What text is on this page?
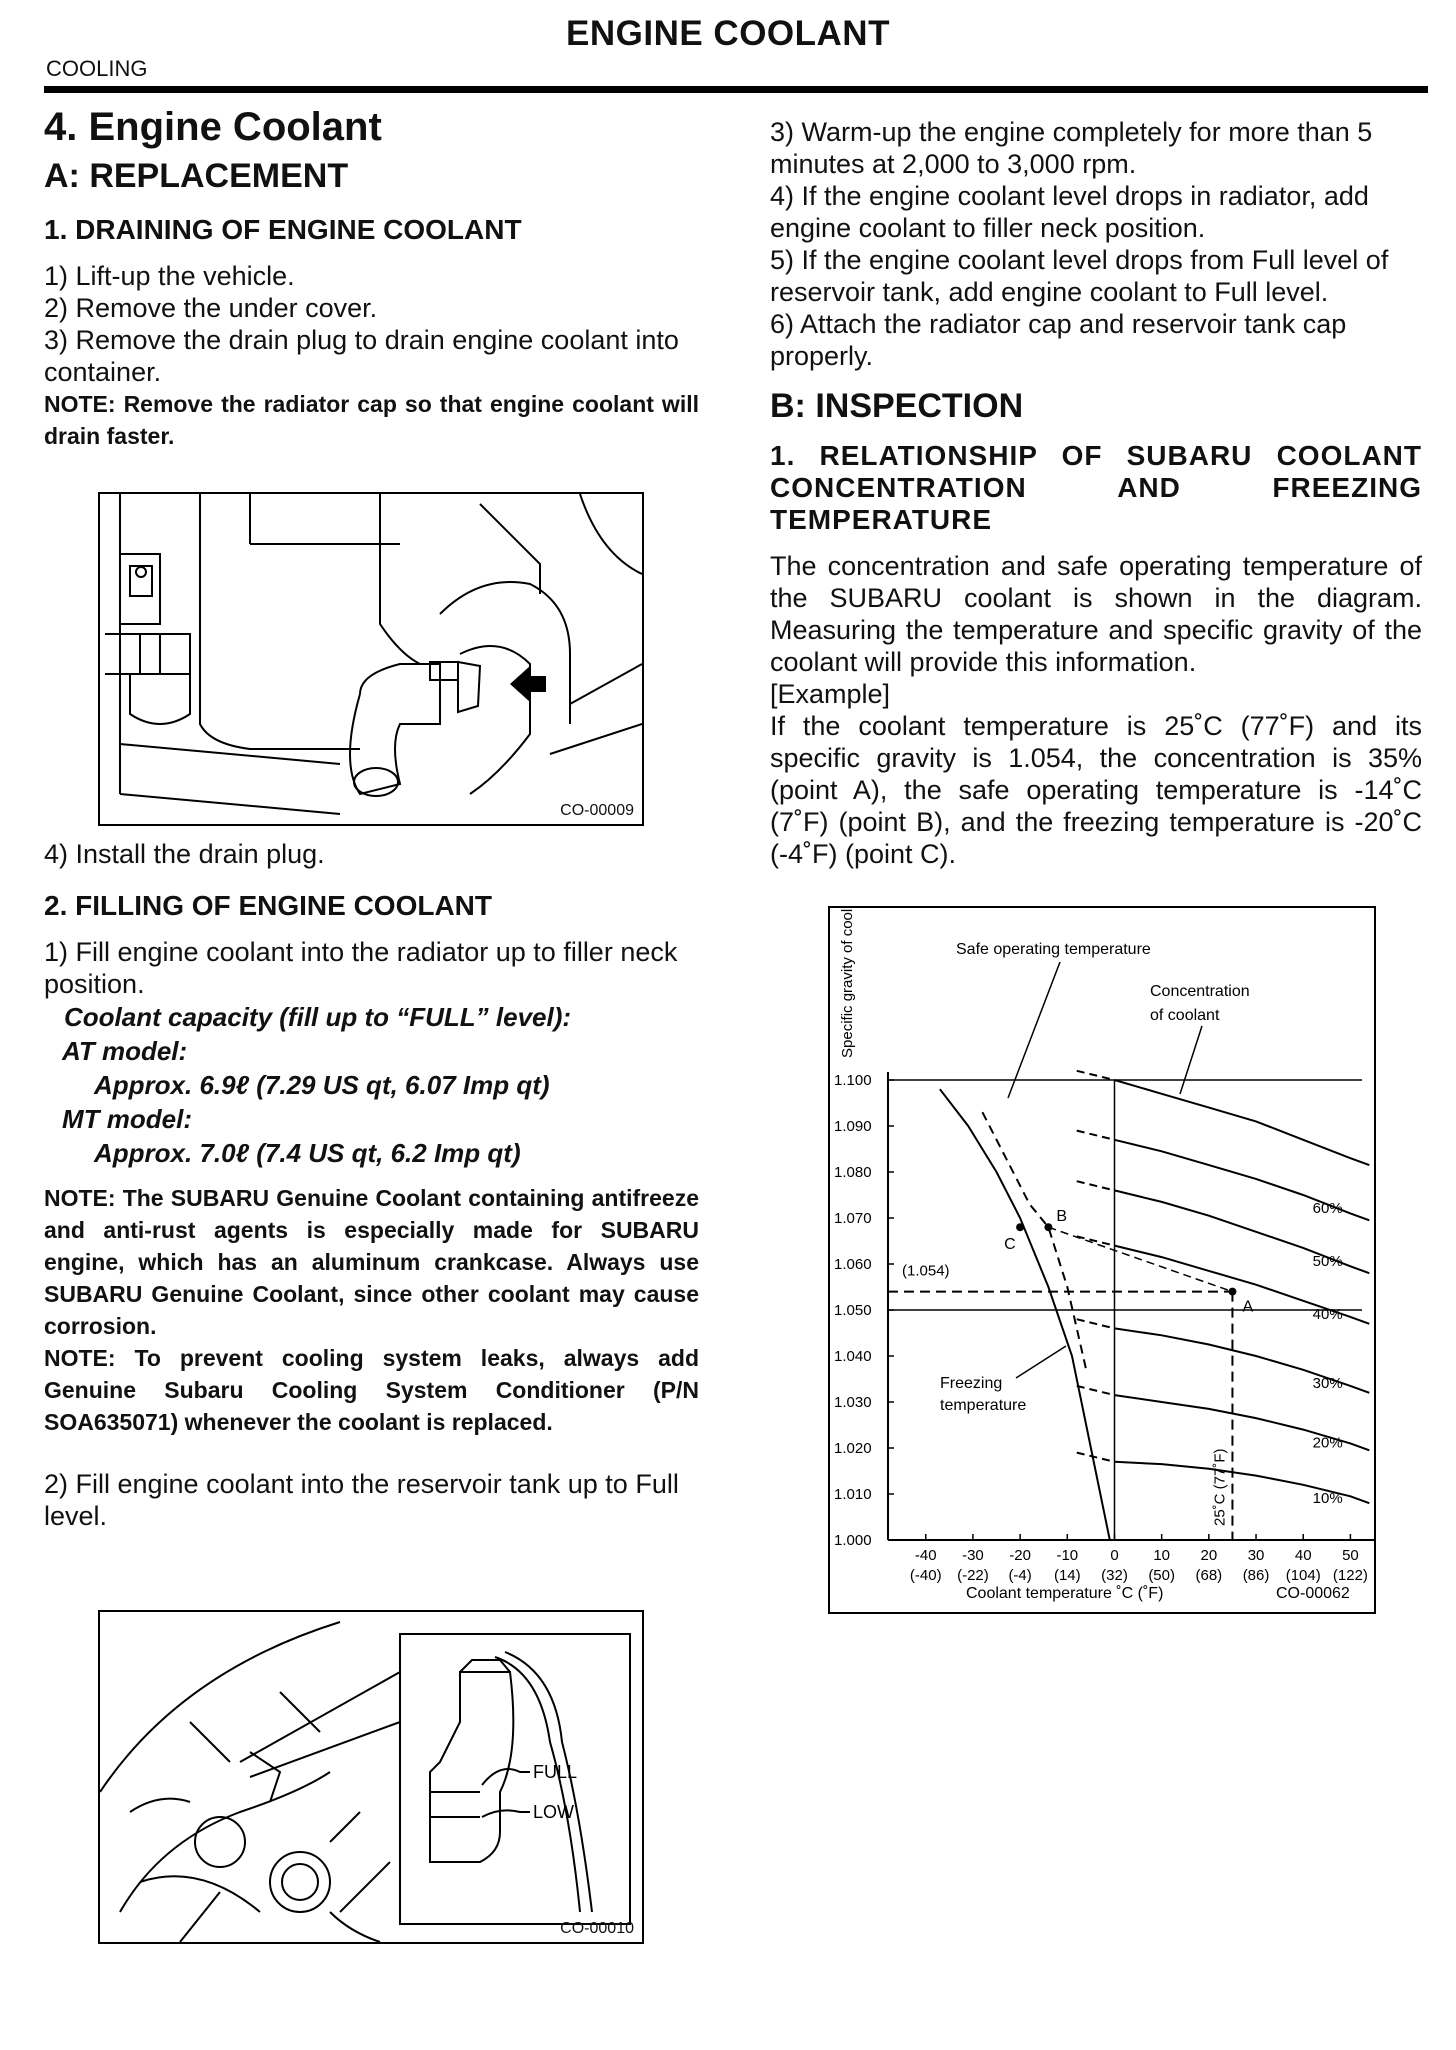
ENGINE COOLANT
COOLING

4. Engine Coolant

A: REPLACEMENT

1. DRAINING OF ENGINE COOLANT

1) Lift-up the vehicle.

2) Remove the under cover.

3) Remove the drain plug to drain engine coolant into container.

NOTE: Remove the radiator cap so that engine coolant will drain faster.

CO-00009

4) Install the drain plug.

2. FILLING OF ENGINE COOLANT

1) Fill engine coolant into the radiator up to filler neck position.

Coolant capacity (fill up to “FULL” level):

AT model:

Approx. 6.9ℓ (7.29 US qt, 6.07 Imp qt)

MT model:

Approx. 7.0ℓ (7.4 US qt, 6.2 Imp qt)

NOTE: The SUBARU Genuine Coolant containing antifreeze and anti-rust agents is especially made for SUBARU engine, which has an aluminum crankcase. Always use SUBARU Genuine Coolant, since other coolant may cause corrosion.

NOTE: To prevent cooling system leaks, always add Genuine Subaru Cooling System Conditioner (P/N SOA635071) whenever the coolant is replaced.

2) Fill engine coolant into the reservoir tank up to Full level.

FULL
LOW
CO-00010

3) Warm-up the engine completely for more than 5 minutes at 2,000 to 3,000 rpm.

4) If the engine coolant level drops in radiator, add engine coolant to filler neck position.

5) If the engine coolant level drops from Full level of reservoir tank, add engine coolant to Full level.

6) Attach the radiator cap and reservoir tank cap properly.

B: INSPECTION

1. RELATIONSHIP OF SUBARU COOLANT CONCENTRATION AND FREEZING TEMPERATURE

The concentration and safe operating temperature of the SUBARU coolant is shown in the diagram. Measuring the temperature and specific gravity of the coolant will provide this information.

[Example]

If the coolant temperature is 25˚C (77˚F) and its specific gravity is 1.054, the concentration is 35% (point A), the safe operating temperature is -14˚C (7˚F) (point B), and the freezing temperature is -20˚C (-4˚F) (point C).

Specific gravity of coolant	Safe operating temperature
Concentration
of coolant
Freezing
temperature
(1.054)
Coolant temperature ˚C (˚F)	CO-00062
1.100
1.090
1.080
1.070
1.060
1.050
1.040
1.030
1.020
1.010
1.000
-40
(-40)
-30
(-22)
-20
(-4)
-10
(14)
0
(32)
10
(50)
20
(68)
30
(86)
40
(104)
50
(122)
60%
50%
40%
30%
20%
10%
A
B
C
25˚C (77˚F)
